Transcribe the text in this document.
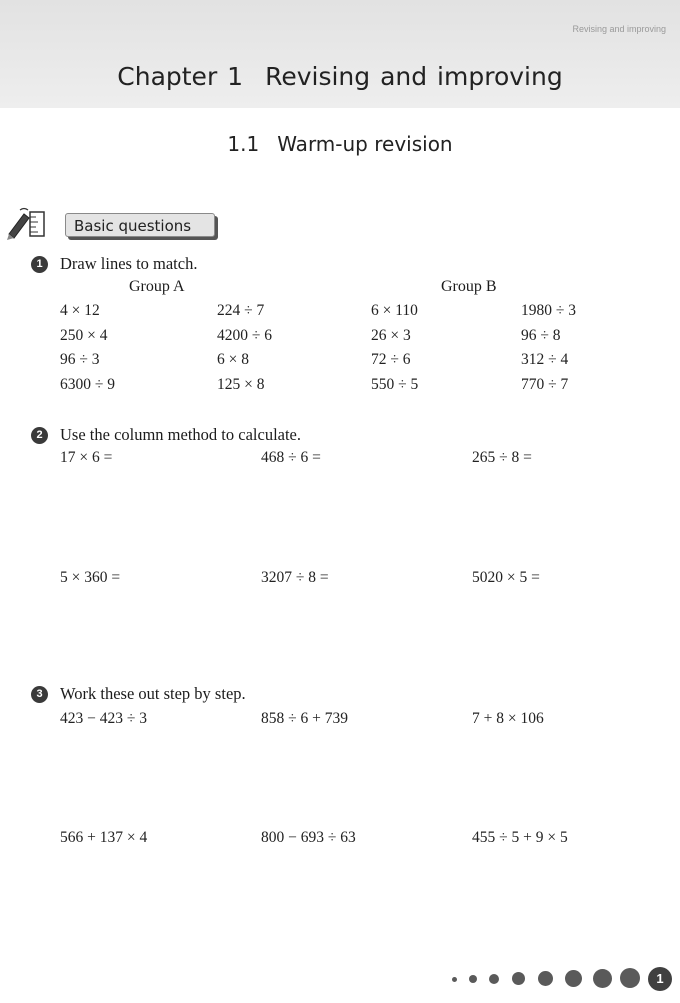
Revising and improving
Chapter 1 Revising and improving
1.1 Warm-up revision
Basic questions
1	Draw lines to match.
Group A	Group B
4 × 12	224 ÷ 7	6 × 110	1980 ÷ 3
250 × 4	4200 ÷ 6	26 × 3	96 ÷ 8
96 ÷ 3	6 × 8	72 ÷ 6	312 ÷ 4
6300 ÷ 9	125 × 8	550 ÷ 5	770 ÷ 7
2	Use the column method to calculate.
17 × 6 =	468 ÷ 6 =	265 ÷ 8 =
5 × 360 =	3207 ÷ 8 =	5020 × 5 =
3	Work these out step by step.
423 − 423 ÷ 3	858 ÷ 6 + 739	7 + 8 × 106
566 + 137 × 4	800 − 693 ÷ 63	455 ÷ 5 + 9 × 5
1
